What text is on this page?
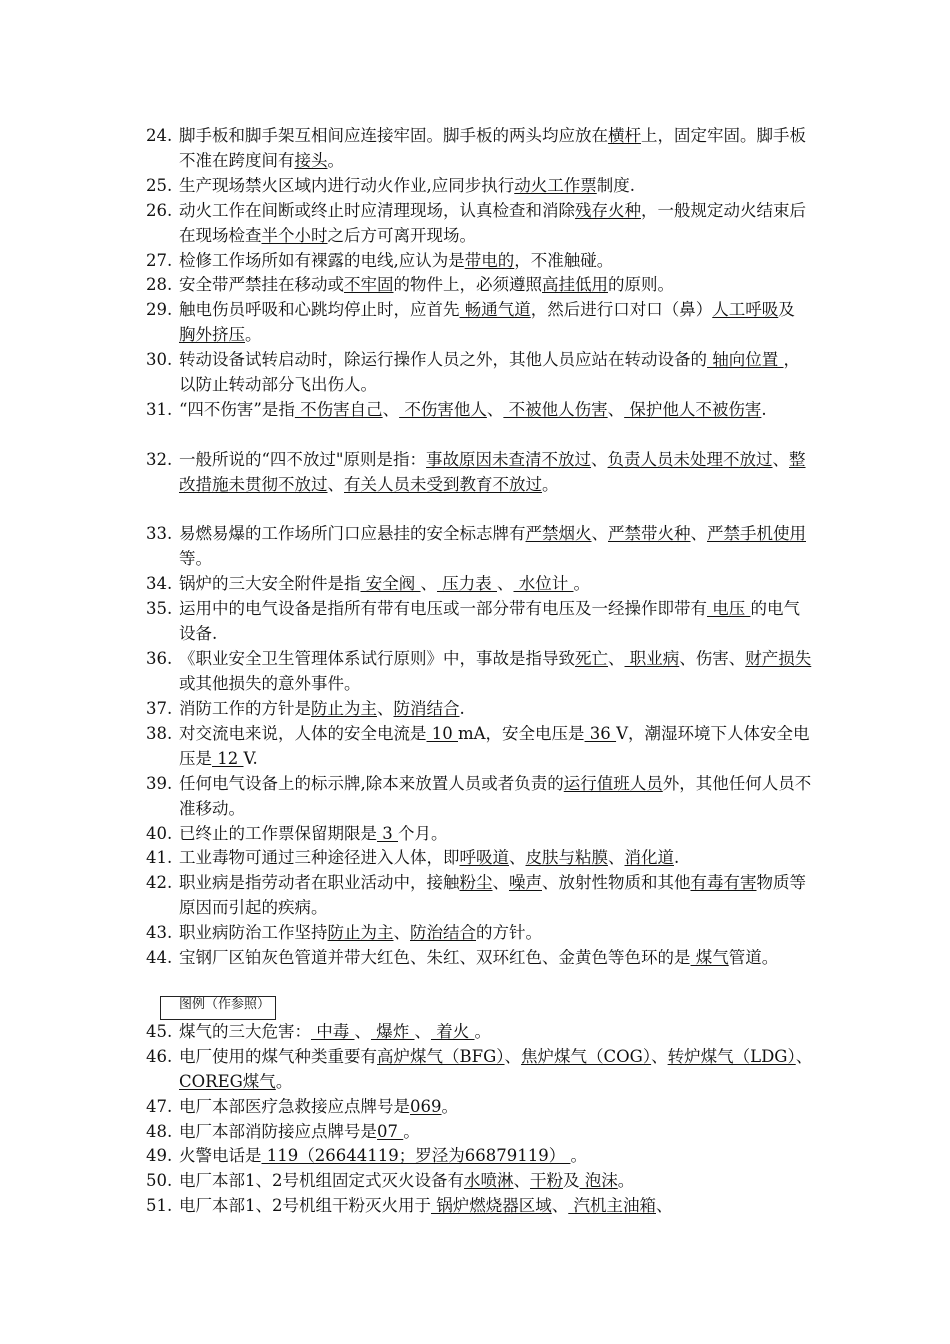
图例（作参照）
24. 脚手板和脚手架互相间应连接牢固。脚手板的两头均应放在横杆上，固定牢固。脚手板不准在跨度间有接头。
25. 生产现场禁火区域内进行动火作业,应同步执行动火工作票制度.
26. 动火工作在间断或终止时应清理现场，认真检查和消除残存火种，一般规定动火结束后在现场检查半个小时之后方可离开现场。
27. 检修工作场所如有裸露的电线,应认为是带电的，不准触碰。
28. 安全带严禁挂在移动或不牢固的物件上，必须遵照高挂低用的原则。
29. 触电伤员呼吸和心跳均停止时，应首先 畅通气道，然后进行口对口（鼻）人工呼吸及 胸外挤压。
30. 转动设备试转启动时，除运行操作人员之外，其他人员应站在转动设备的 轴向位置 ，以防止转动部分飞出伤人。
31. “四不伤害”是指 不伤害自己、 不伤害他人、 不被他人伤害、 保护他人不被伤害.
32. 一般所说的“四不放过"原则是指：事故原因未查清不放过、负责人员未处理不放过、整改措施未贯彻不放过、有关人员未受到教育不放过。
33. 易燃易爆的工作场所门口应悬挂的安全标志牌有严禁烟火、严禁带火种、严禁手机使用等。
34. 锅炉的三大安全附件是指 安全阀 、 压力表 、 水位计 。
35. 运用中的电气设备是指所有带有电压或一部分带有电压及一经操作即带有 电压 的电气设备.
36. 《职业安全卫生管理体系试行原则》中，事故是指导致死亡、 职业病、伤害、财产损失或其他损失的意外事件。
37. 消防工作的方针是防止为主、防消结合.
38. 对交流电来说，人体的安全电流是 10 mA，安全电压是 36 V，潮湿环境下人体安全电压是 12 V.
39. 任何电气设备上的标示牌,除本来放置人员或者负责的运行值班人员外，其他任何人员不准移动。
40. 已终止的工作票保留期限是 3 个月。
41. 工业毒物可通过三种途径进入人体，即呼吸道、皮肤与粘膜、消化道.
42. 职业病是指劳动者在职业活动中，接触粉尘、噪声、放射性物质和其他有毒有害物质等原因而引起的疾病。
43. 职业病防治工作坚持防止为主、防治结合的方针。
44. 宝钢厂区铂灰色管道并带大红色、朱红、双环红色、金黄色等色环的是 煤气管道。
45. 煤气的三大危害： 中毒 、 爆炸 、 着火 。
46. 电厂使用的煤气种类重要有高炉煤气（BFG）、焦炉煤气（COG）、转炉煤气（LDG）、COREG煤气。
47. 电厂本部医疗急救接应点牌号是069。
48. 电厂本部消防接应点牌号是07 。
49. 火警电话是 119（26644119；罗泾为66879119） 。
50. 电厂本部1、2号机组固定式灭火设备有水喷淋、干粉及 泡沫。
51. 电厂本部1、2号机组干粉灭火用于 锅炉燃烧器区域、 汽机主油箱、
